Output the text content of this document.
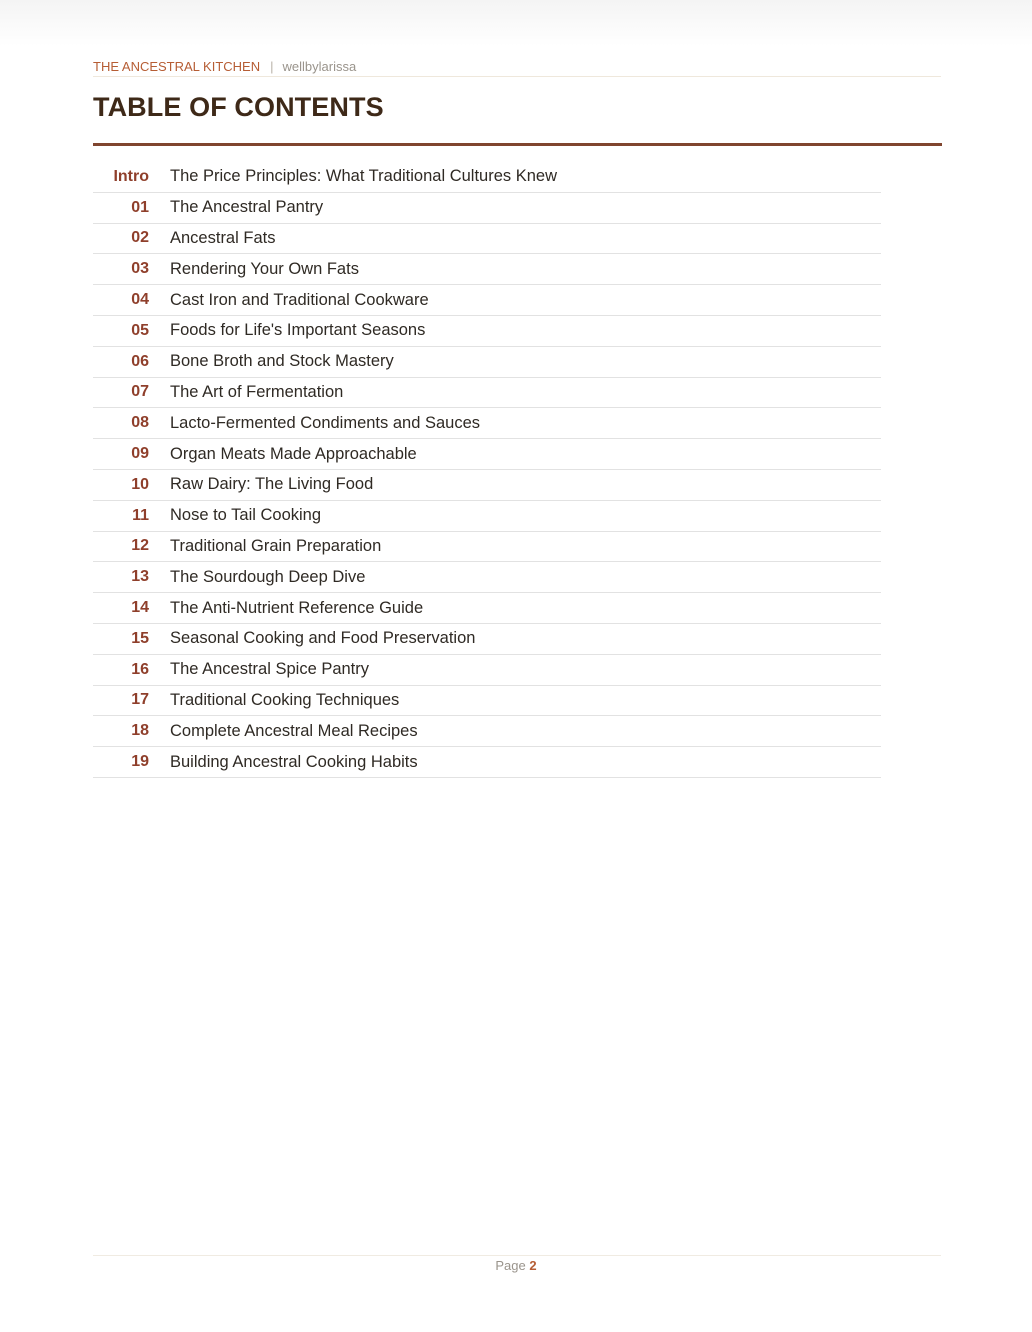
THE ANCESTRAL KITCHEN | wellbylarissa
TABLE OF CONTENTS
Intro The Price Principles: What Traditional Cultures Knew
01 The Ancestral Pantry
02 Ancestral Fats
03 Rendering Your Own Fats
04 Cast Iron and Traditional Cookware
05 Foods for Life's Important Seasons
06 Bone Broth and Stock Mastery
07 The Art of Fermentation
08 Lacto-Fermented Condiments and Sauces
09 Organ Meats Made Approachable
10 Raw Dairy: The Living Food
11 Nose to Tail Cooking
12 Traditional Grain Preparation
13 The Sourdough Deep Dive
14 The Anti-Nutrient Reference Guide
15 Seasonal Cooking and Food Preservation
16 The Ancestral Spice Pantry
17 Traditional Cooking Techniques
18 Complete Ancestral Meal Recipes
19 Building Ancestral Cooking Habits
Page 2
